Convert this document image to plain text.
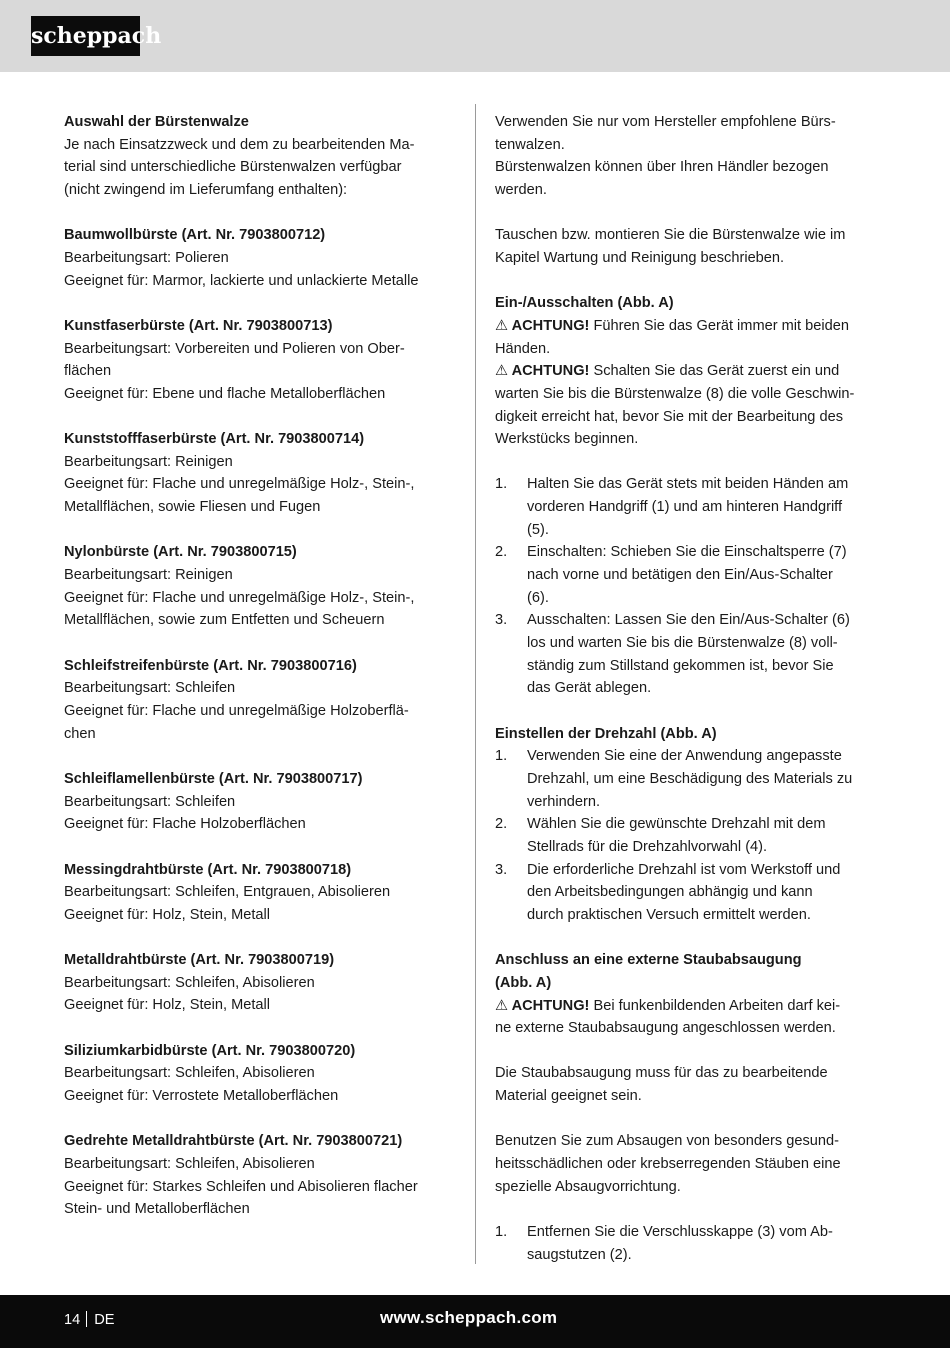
scheppach

Auswahl der Bürstenwalze

Je nach Einsatzzweck und dem zu bearbeitenden Ma-

terial sind unterschiedliche Bürstenwalzen verfügbar

(nicht zwingend im Lieferumfang enthalten):

Baumwollbürste (Art. Nr. 7903800712)

Bearbeitungsart: Polieren

Geeignet für: Marmor, lackierte und unlackierte Metalle

Kunstfaserbürste (Art. Nr. 7903800713)

Bearbeitungsart: Vorbereiten und Polieren von Ober-

flächen

Geeignet für: Ebene und flache Metalloberflächen

Kunststofffaserbürste (Art. Nr. 7903800714)

Bearbeitungsart: Reinigen

Geeignet für: Flache und unregelmäßige Holz-, Stein-,

Metallflächen, sowie Fliesen und Fugen

Nylonbürste (Art. Nr. 7903800715)

Bearbeitungsart: Reinigen

Geeignet für: Flache und unregelmäßige Holz-, Stein-,

Metallflächen, sowie zum Entfetten und Scheuern

Schleifstreifenbürste (Art. Nr. 7903800716)

Bearbeitungsart: Schleifen

Geeignet für: Flache und unregelmäßige Holzoberflä-

chen

Schleiflamellenbürste (Art. Nr. 7903800717)

Bearbeitungsart: Schleifen

Geeignet für: Flache Holzoberflächen

Messingdrahtbürste (Art. Nr. 7903800718)

Bearbeitungsart: Schleifen, Entgrauen, Abisolieren

Geeignet für: Holz, Stein, Metall

Metalldrahtbürste (Art. Nr. 7903800719)

Bearbeitungsart: Schleifen, Abisolieren

Geeignet für: Holz, Stein, Metall

Siliziumkarbidbürste (Art. Nr. 7903800720)

Bearbeitungsart: Schleifen, Abisolieren

Geeignet für: Verrostete Metalloberflächen

Gedrehte Metalldrahtbürste (Art. Nr. 7903800721)

Bearbeitungsart: Schleifen, Abisolieren

Geeignet für: Starkes Schleifen und Abisolieren flacher

Stein- und Metalloberflächen

Verwenden Sie nur vom Hersteller empfohlene Bürs-

tenwalzen.

Bürstenwalzen können über Ihren Händler bezogen

werden.

Tauschen bzw. montieren Sie die Bürstenwalze wie im

Kapitel Wartung und Reinigung beschrieben.

Ein-/Ausschalten (Abb. A)

⚠ ACHTUNG! Führen Sie das Gerät immer mit beiden

Händen.

⚠ ACHTUNG! Schalten Sie das Gerät zuerst ein und

warten Sie bis die Bürstenwalze (8) die volle Geschwin-

digkeit erreicht hat, bevor Sie mit der Bearbeitung des

Werkstücks beginnen.

1.	Halten Sie das Gerät stets mit beiden Händen am

vorderen Handgriff (1) und am hinteren Handgriff

(5).

2.	Einschalten: Schieben Sie die Einschaltsperre (7)

nach vorne und betätigen den Ein/Aus-Schalter

(6).

3.	Ausschalten: Lassen Sie den Ein/Aus-Schalter (6)

los und warten Sie bis die Bürstenwalze (8) voll-

ständig zum Stillstand gekommen ist, bevor Sie

das Gerät ablegen.

Einstellen der Drehzahl (Abb. A)

1.	Verwenden Sie eine der Anwendung angepasste

Drehzahl, um eine Beschädigung des Materials zu

verhindern.

2.	Wählen Sie die gewünschte Drehzahl mit dem

Stellrads für die Drehzahlvorwahl (4).

3.	Die erforderliche Drehzahl ist vom Werkstoff und

den Arbeitsbedingungen abhängig und kann

durch praktischen Versuch ermittelt werden.

Anschluss an eine externe Staubabsaugung

(Abb. A)

⚠ ACHTUNG! Bei funkenbildenden Arbeiten darf kei-

ne externe Staubabsaugung angeschlossen werden.

Die Staubabsaugung muss für das zu bearbeitende

Material geeignet sein.

Benutzen Sie zum Absaugen von besonders gesund-

heitsschädlichen oder krebserregenden Stäuben eine

spezielle Absaugvorrichtung.

1.	Entfernen Sie die Verschlusskappe (3) vom Ab-

saugstutzen (2).

14 DE	www.scheppach.com
